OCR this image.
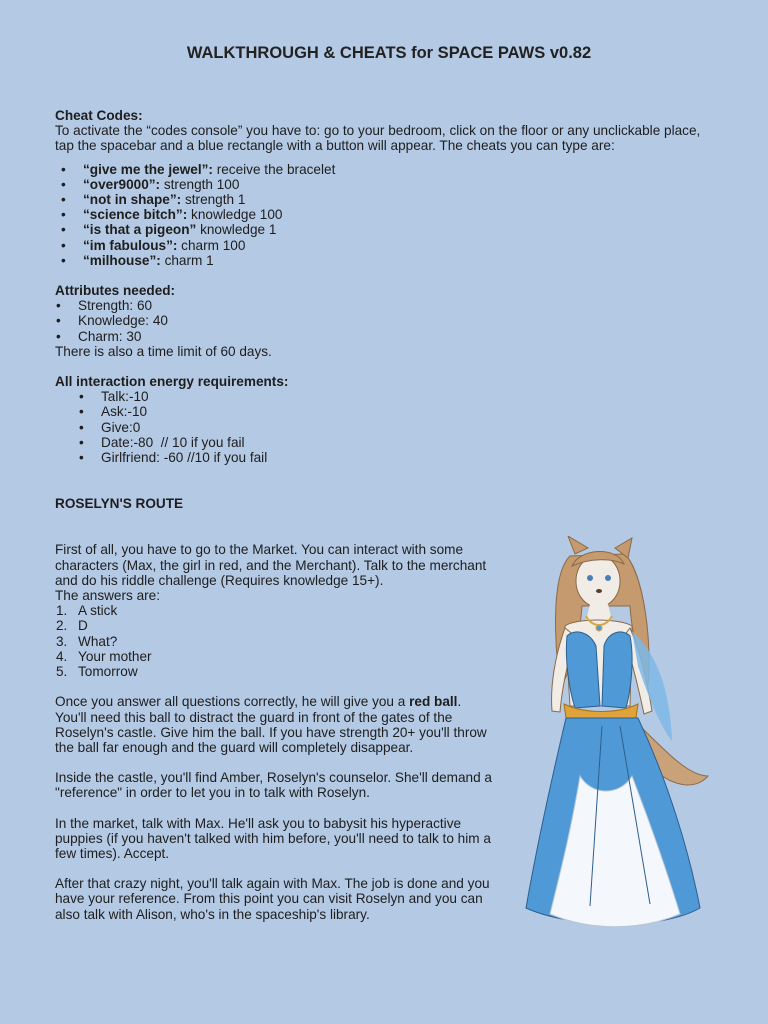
WALKTHROUGH & CHEATS for SPACE PAWS v0.82

Cheat Codes:

To activate the “codes console” you have to: go to your bedroom, click on the floor or any unclickable place, tap the spacebar and a blue rectangle with a button will appear. The cheats you can type are:

• “give me the jewel”: receive the bracelet
• “over9000”: strength 100
• “not in shape”: strength 1
• “science bitch”: knowledge 100
• “is that a pigeon” knowledge 1
• “im fabulous”: charm 100
• “milhouse”: charm 1

Attributes needed:

• Strength: 60
• Knowledge: 40
• Charm: 30

There is also a time limit of 60 days.

All interaction energy requirements:

• Talk:-10
• Ask:-10
• Give:0
• Date:-80  // 10 if you fail
• Girlfriend: -60 //10 if you fail

ROSELYN'S ROUTE

First of all, you have to go to the Market. You can interact with some characters (Max, the girl in red, and the Merchant). Talk to the merchant and do his riddle challenge (Requires knowledge 15+).

The answers are:

1. A stick
2. D
3. What?
4. Your mother
5. Tomorrow

Once you answer all questions correctly, he will give you a red ball. You'll need this ball to distract the guard in front of the gates of the Roselyn's castle. Give him the ball. If you have strength 20+ you'll throw the ball far enough and the guard will completely disappear.

Inside the castle, you'll find Amber, Roselyn's counselor. She'll demand a "reference" in order to let you in to talk with Roselyn.

In the market, talk with Max. He'll ask you to babysit his hyperactive puppies (if you haven't talked with him before, you'll need to talk to him a few times). Accept.

After that crazy night, you'll talk again with Max. The job is done and you have your reference. From this point you can visit Roselyn and you can also talk with Alison, who's in the spaceship's library.
